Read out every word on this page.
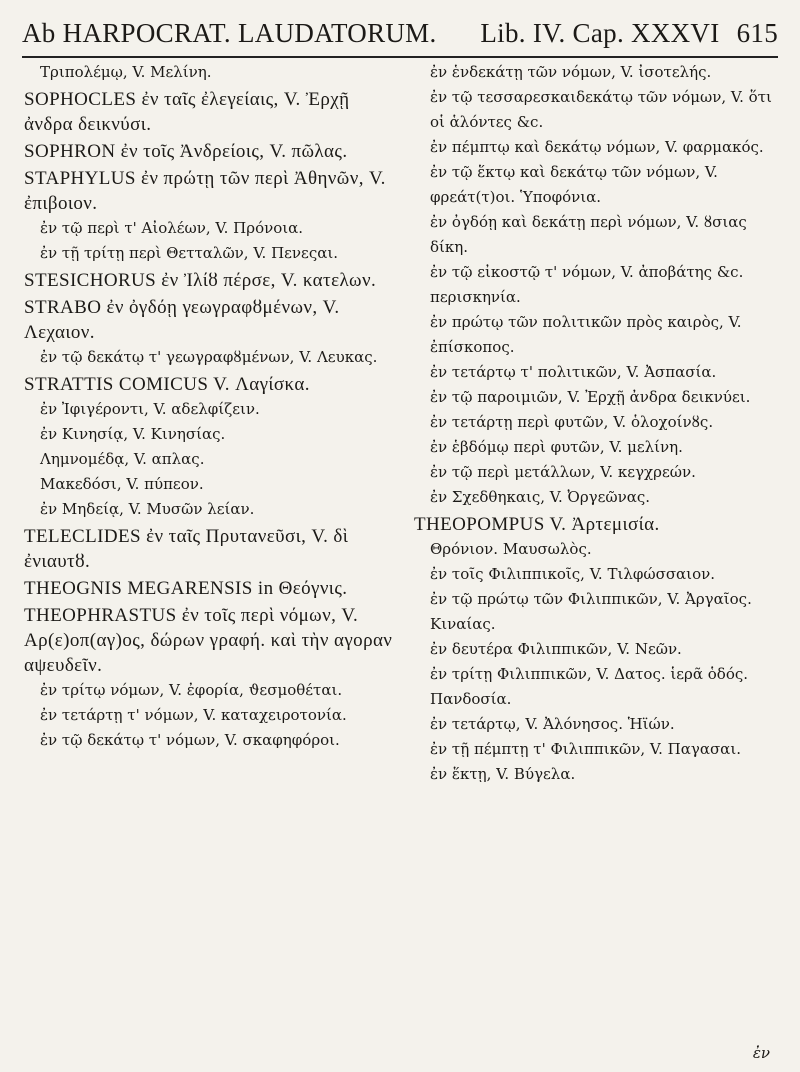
Ab HARPOCRAT. LAUDATORUM. Lib. IV. Cap. XXXVI 615

Τριπολέμῳ, V. Μελίνη.

SOPHOCLES ἐν ταῖς ἐλεγείαις, V. Ἐρχῇ ἀνδρα δεικνύσι.

SOPHRON ἐν τοῖς Ἀνδρείοις, V. πῶλας.

STAPHYLUS ἐν πρώτῃ τῶν περὶ Ἀθηνῶν, V. ἐπιβοιον.

ἐν τῷ περὶ τ' Αἰολέων, V. Πρόνοια.

ἐν τῇ τρίτῃ περὶ Θετταλῶν, V. Πενεςαι.

STESICHORUS ἐν Ἰλίȣ πέρσε, V. κατελων.

STRABO ἐν ὀγδόῃ γεωγραφȣμένων, V. Λεχαιον.

ἐν τῷ δεκάτῳ τ' γεωγραφȣμένων, V. Λευκας.

STRATTIS COMICUS V. Λαγίσκα.

ἐν Ἰφιγέροντι, V. αδελφίζειν.

ἐν Κινησίᾳ, V. Κινησίας.

Λημνομέδᾳ, V. απλας.

Μακεδόσι, V. πύπεον.

ἐν Μηδείᾳ, V. Μυσῶν λείαν.

TELECLIDES ἐν ταῖς Πρυτανεῦσι, V. δὶ ἐνιαυτȣ.

THEOGNIS MEGARENSIS in Θεόγνις.

THEOPHRASTUS ἐν τοῖς περὶ νόμων, V. Αρ(ε)οπ(αγ)ος, δώρων γραφή. καὶ τὴν αγοραν αψευδεῖν.

ἐν τρίτῳ νόμων, V. ἐφορία, ϑεσμοθέται.

ἐν τετάρτῃ τ' νόμων, V. καταχειροτονία.

ἐν τῷ δεκάτῳ τ' νόμων, V. σκαφηφόροι.

ἐν ἑνδεκάτῃ τῶν νόμων, V. ἰσοτελής.

ἐν τῷ τεσσαρεσκαιδεκάτῳ τῶν νόμων, V. ὅτι οἱ ἁλόντες &c.

ἐν πέμπτῳ καὶ δεκάτῳ νόμων, V. φαρμακός.

ἐν τῷ ἕκτῳ καὶ δεκάτῳ τῶν νόμων, V. φρεάτ(τ)οι. Ὑποφόνια.

ἐν ὀγδόῃ καὶ δεκάτῃ περὶ νόμων, V. ȣσιας δίκη.

ἐν τῷ εἰκοστῷ τ' νόμων, V. ἀποβάτης &c. περισκηνία.

ἐν πρώτῳ τῶν πολιτικῶν πρὸς καιρὸς, V. ἐπίσκοπος.

ἐν τετάρτῳ τ' πολιτικῶν, V. Ἀσπασία.

ἐν τῷ παροιμιῶν, V. Ἐρχῇ ἀνδρα δεικνύει.

ἐν τετάρτῃ περὶ φυτῶν, V. ὁλοχοίνȣς.

ἐν ἑβδόμῳ περὶ φυτῶν, V. μελίνη.

ἐν τῷ περὶ μετάλλων, V. κεγχρεών.

ἐν Σχεδθηκαις, V. Ὀργεῶνας.

THEOPOMPUS V. Ἀρτεμισία.

Θρόνιον. Μαυσωλὸς.

ἐν τοῖς Φιλιππικοῖς, V. Τιλφώσσαιον.

ἐν τῷ πρώτῳ τῶν Φιλιππικῶν, V. Ἀργαῖος. Κιναίας.

ἐν δευτέρα Φιλιππικῶν, V. Νεῶν.

ἐν τρίτῃ Φιλιππικῶν, V. Δατος. ἱερᾶ ὁδός. Πανδοσία.

ἐν τετάρτῳ, V. Ἀλόνησος. Ἡϊών.

ἐν τῇ πέμπτῃ τ' Φιλιππικῶν, V. Παγασαι.

ἐν ἕκτῃ, V. Βύγελα.

ἐν
